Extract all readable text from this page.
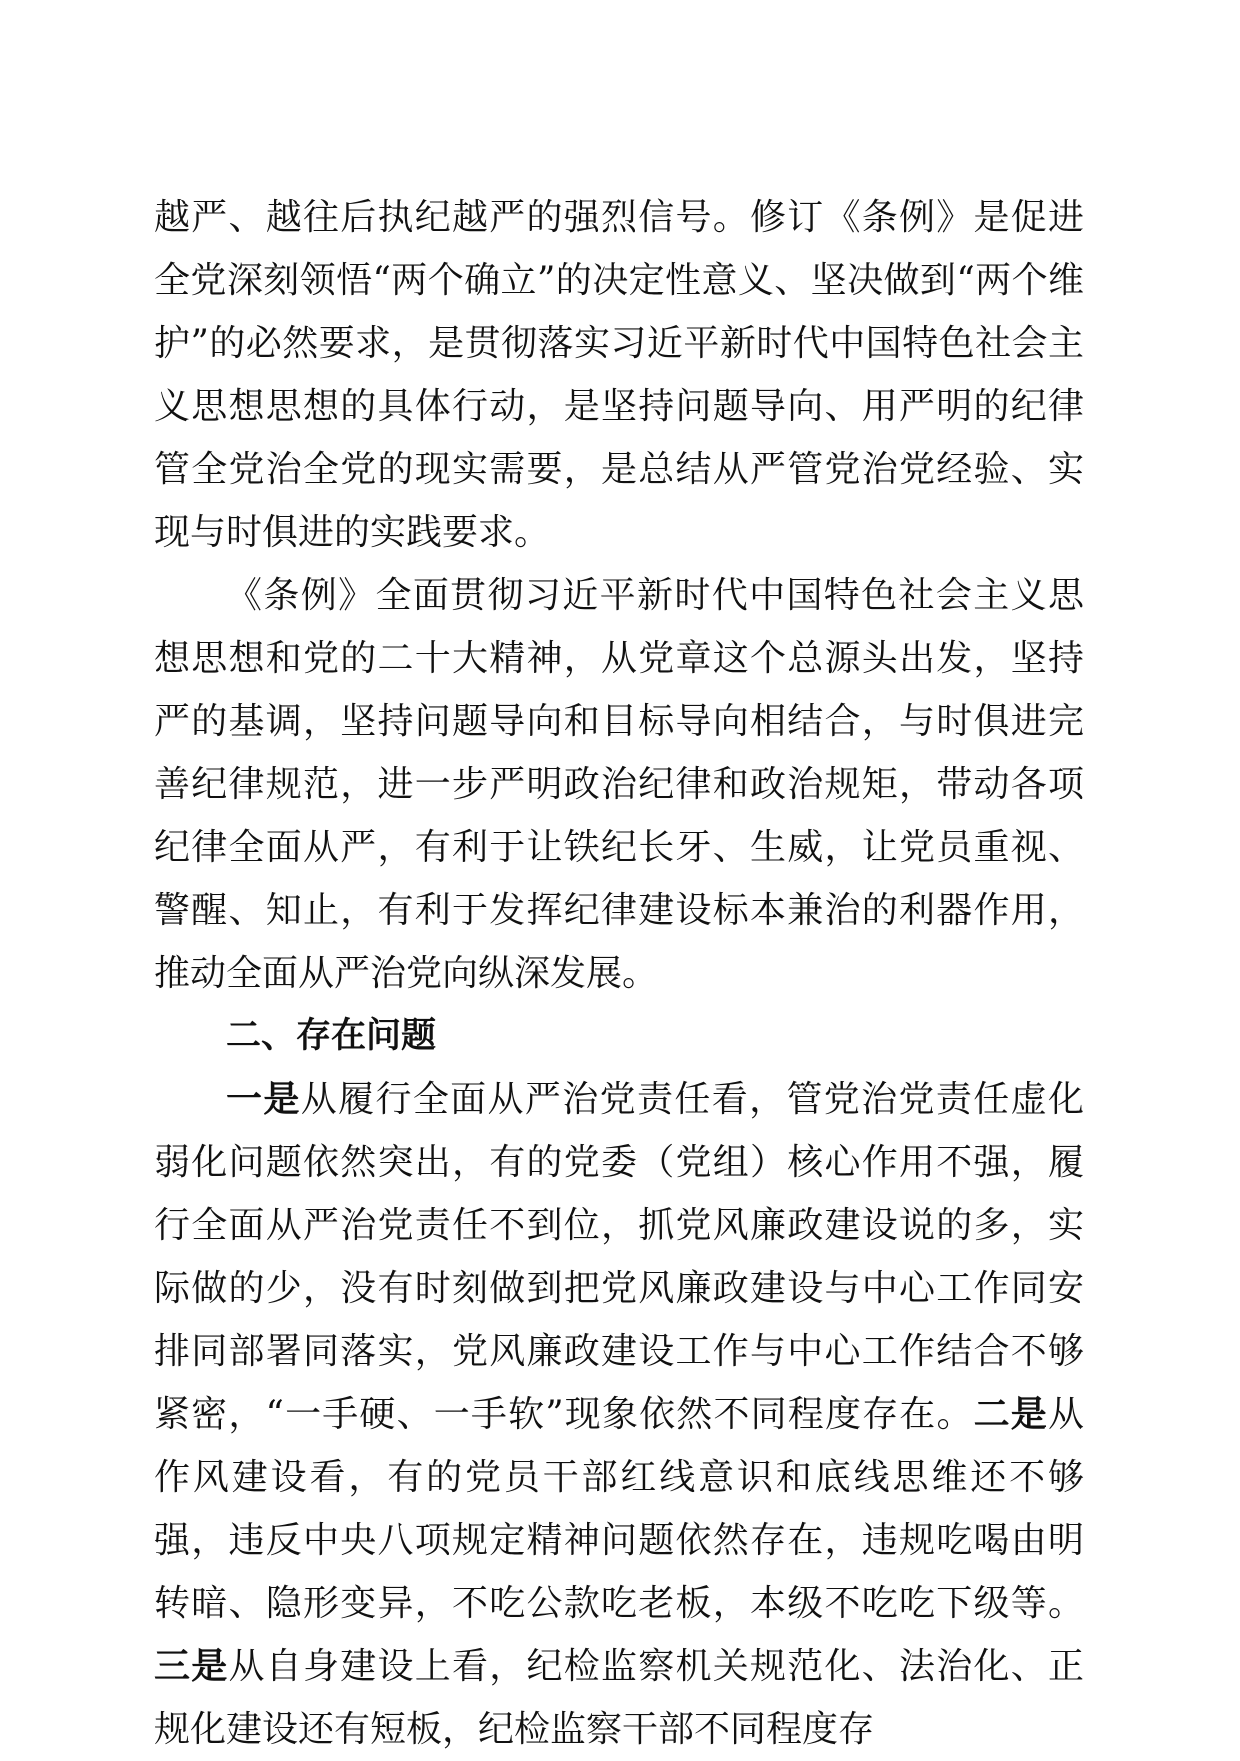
越严、越往后执纪越严的强烈信号。修订《条例》是促进全党深刻领悟“两个确立”的决定性意义、坚决做到“两个维护”的必然要求，是贯彻落实习近平新时代中国特色社会主义思想思想的具体行动，是坚持问题导向、用严明的纪律管全党治全党的现实需要，是总结从严管党治党经验、实现与时俱进的实践要求。

《条例》全面贯彻习近平新时代中国特色社会主义思想思想和党的二十大精神，从党章这个总源头出发，坚持严的基调，坚持问题导向和目标导向相结合，与时俱进完善纪律规范，进一步严明政治纪律和政治规矩，带动各项纪律全面从严，有利于让铁纪长牙、生威，让党员重视、警醒、知止，有利于发挥纪律建设标本兼治的利器作用，推动全面从严治党向纵深发展。

二、存在问题

一是从履行全面从严治党责任看，管党治党责任虚化弱化问题依然突出，有的党委（党组）核心作用不强，履行全面从严治党责任不到位，抓党风廉政建设说的多，实际做的少，没有时刻做到把党风廉政建设与中心工作同安排同部署同落实，党风廉政建设工作与中心工作结合不够紧密，“一手硬、一手软”现象依然不同程度存在。二是从作风建设看，有的党员干部红线意识和底线思维还不够强，违反中央八项规定精神问题依然存在，违规吃喝由明转暗、隐形变异，不吃公款吃老板，本级不吃吃下级等。三是从自身建设上看，纪检监察机关规范化、法治化、正规化建设还有短板，纪检监察干部不同程度存
